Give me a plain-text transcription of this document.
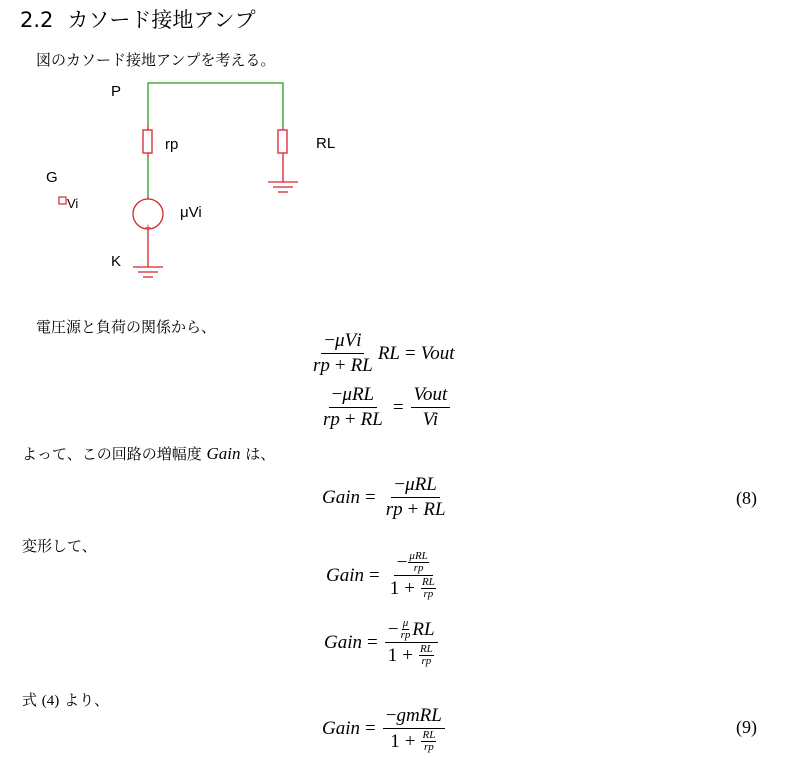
2.2 カソード接地アンプ
図のカソード接地アンプを考える。
+
P
rp	RL
G
Vi
μVi
K
電圧源と負荷の関係から、
$\frac{\text{− μ V i}}{rp + RL}$ RL = Vout
$\frac{\text{− μ RL}}{rp + RL} = \frac{\text{Vout}}{Vi}$
よって、この回路の増幅度 Gain は、
Gain = $\frac{\text{− μ RL}}{rp + RL}$	(8)
変形して、
Gain = − μRL
rp
$1 + \frac{RL}{rp}$
Gain = $\frac{- \frac{\mu}{rp} RL}{1 + \frac{RL}{rp}}$
式 (4) より、
Gain = $\frac{\text{− gm RL}}{1 + \frac{RL}{rp}}$	(9)
